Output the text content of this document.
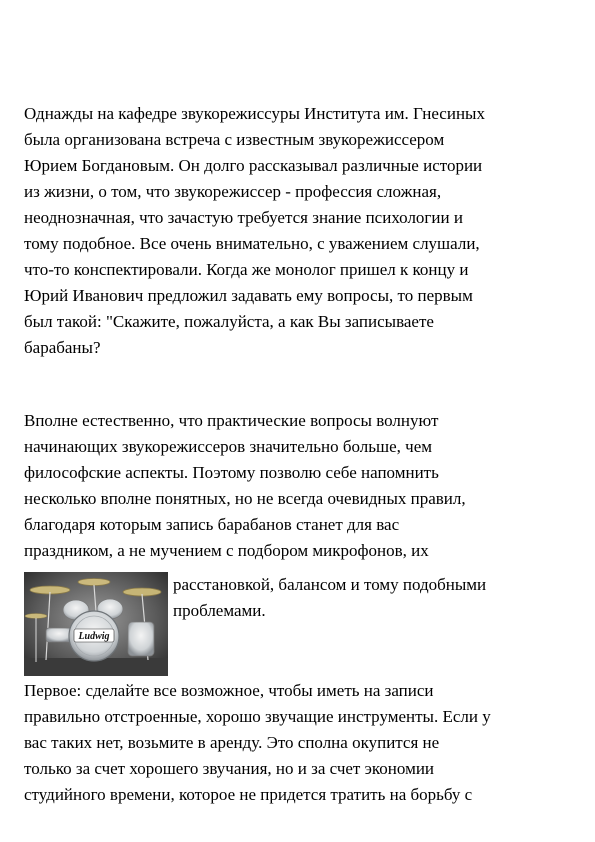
Однажды на кафедре звукорежиссуры Института им. Гнесиных
была организована встреча с известным звукорежиссером
Юрием Богдановым. Он долго рассказывал различные истории
из жизни, о том, что звукорежиссер - профессия сложная,
неоднозначная, что зачастую требуется знание психологии и
тому подобное. Все очень внимательно, с уважением слушали,
что-то конспектировали. Когда же монолог пришел к концу и
Юрий Иванович предложил задавать ему вопросы, то первым
был такой: "Скажите, пожалуйста, а как Вы записываете
барабаны?
Вполне естественно, что практические вопросы волнуют
начинающих звукорежиссеров значительно больше, чем
философские аспекты. Поэтому позволю себе напомнить
несколько вполне понятных, но не всегда очевидных правил,
благодаря которым запись барабанов станет для вас
праздником, а не мучением с подбором микрофонов, их
Ludwig
расстановкой, балансом и тому подобными
проблемами.
Первое: сделайте все возможное, чтобы иметь на записи
правильно отстроенные, хорошо звучащие инструменты. Если у
вас таких нет, возьмите в аренду. Это сполна окупится не
только за счет хорошего звучания, но и за счет экономии
студийного времени, которое не придется тратить на борьбу с
